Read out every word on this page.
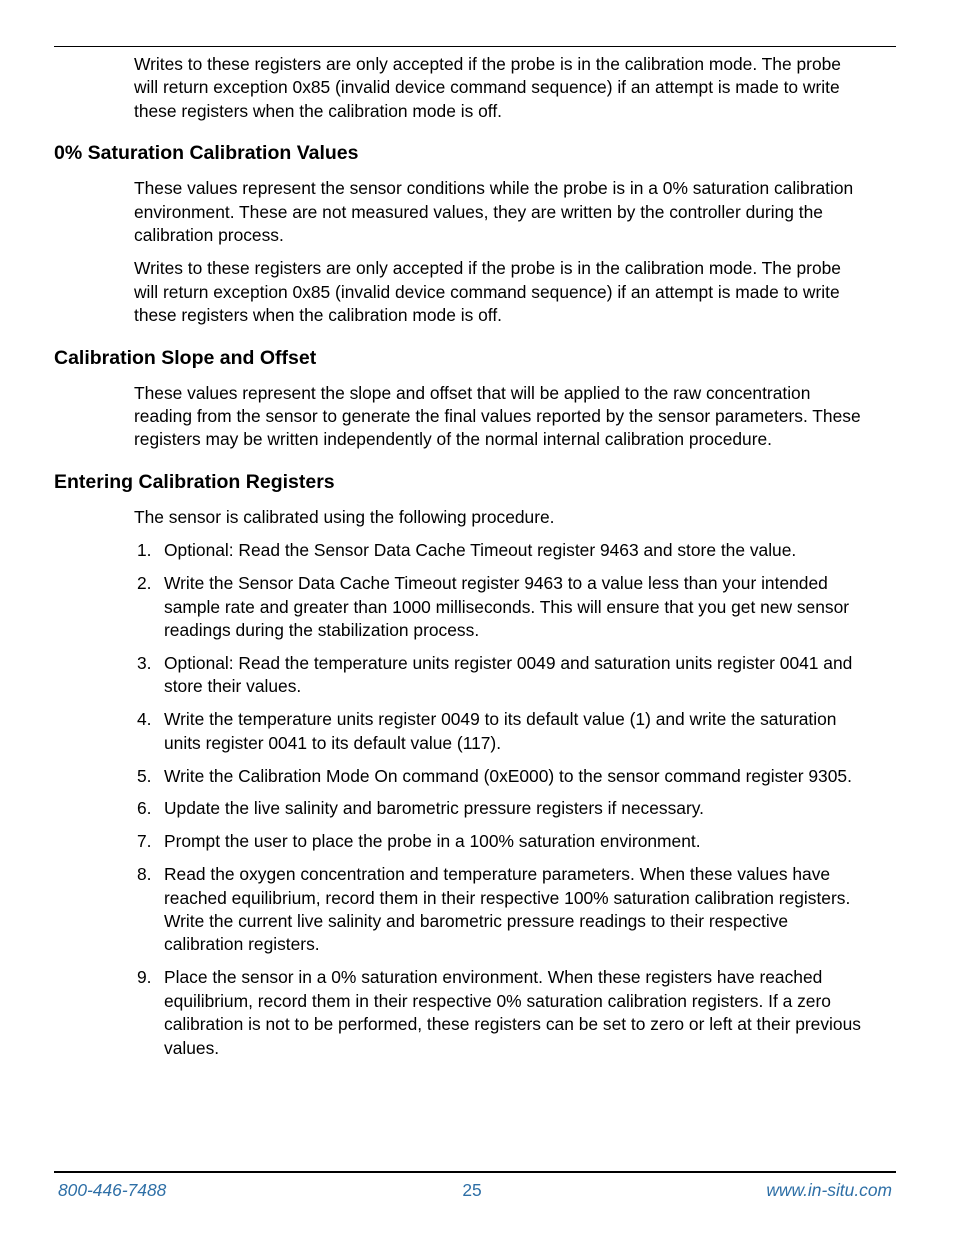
Writes to these registers are only accepted if the probe is in the calibration mode. The probe will return exception 0x85 (invalid device command sequence) if an attempt is made to write these registers when the calibration mode is off.

0% Saturation Calibration Values

These values represent the sensor conditions while the probe is in a 0% saturation calibration environment. These are not measured values, they are written by the controller during the calibration process.

Writes to these registers are only accepted if the probe is in the calibration mode. The probe will return exception 0x85 (invalid device command sequence) if an attempt is made to write these registers when the calibration mode is off.

Calibration Slope and Offset

These values represent the slope and offset that will be applied to the raw concentration reading from the sensor to generate the final values reported by the sensor parameters. These registers may be written independently of the normal internal calibration procedure.

Entering Calibration Registers

The sensor is calibrated using the following procedure.

1. Optional: Read the Sensor Data Cache Timeout register 9463 and store the value.
2. Write the Sensor Data Cache Timeout register 9463 to a value less than your intended sample rate and greater than 1000 milliseconds. This will ensure that you get new sensor readings during the stabilization process.
3. Optional: Read the temperature units register 0049 and saturation units register 0041 and store their values.
4. Write the temperature units register 0049 to its default value (1) and write the saturation units register 0041 to its default value (117).
5. Write the Calibration Mode On command (0xE000) to the sensor command register 9305.
6. Update the live salinity and barometric pressure registers if necessary.
7. Prompt the user to place the probe in a 100% saturation environment.
8. Read the oxygen concentration and temperature parameters. When these values have reached equilibrium, record them in their respective 100% saturation calibration registers. Write the current live salinity and barometric pressure readings to their respective calibration registers.
9. Place the sensor in a 0% saturation environment. When these registers have reached equilibrium, record them in their respective 0% saturation calibration registers. If a zero calibration is not to be performed, these registers can be set to zero or left at their previous values.
800-446-7488	25	www.in-situ.com
